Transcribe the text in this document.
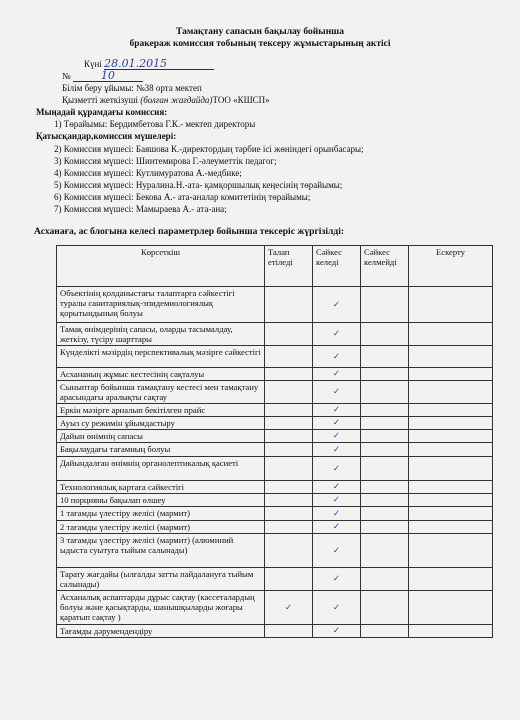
Тамақтану сапасын бақылау бойынша
бракераж комиссия тобының тексеру жұмыстарының актісі
Күні 28.01.2015
№	10
Білім беру ұйымы: №38 орта мектеп
Қызметті жеткізуші (болған жағдайда)ТОО «КШСП»
Мыңадай құрамдағы комиссия:
1) Төрайымы: Бердимбетова Г.К.- мектеп директоры
Қатысқандар,комиссия мүшелері:
2) Комиссия мүшесі: Баяшова К.-директордың тәрбие ісі жөніндегі орынбасары;
3) Комиссия мүшесі: Шинтемирова Г.-әлеуметтік педагог;
4) Комиссия мүшесі: Кутлимуратова А.-медбике;
5) Комиссия мүшесі: Нуралина.Н.-ата- қамқоршылық кеңесінің төрайымы;
6) Комиссия мүшесі: Бекова А.- ата-аналар комитетінің төрайымы;
7) Комиссия мүшесі: Мамыраева А.- ата-ана;
Асханаға, ас блогына келесі параметрлер бойынша тексеріс жүргізілді:
Көрсеткіш	Талап етіледі	Сәйкес келеді	Сәйкес келмейді	Ескерту
Объектінің қолданыстағы талаптарға сәйкестігі туралы санитариялық-эпидемиологиялық қорытындының болуы		✓		
Тамақ өнімдерінің сапасы, оларды тасымалдау, жеткізу, түсіру шарттары		✓		
Күнделікті мәзірдің перспективалық мәзірге сәйкестігі		✓		
Асхананың жұмыс кестесінің сақталуы		✓		
Сыныптар бойынша тамақтану кестесі мен тамақтану арасындағы аралықты сақтау		✓		
Еркін мәзірге арналып бекітілген прайс		✓		
Ауыз су режимін ұйымдастыру		✓		
Дайын өнімнің сапасы		✓		
Бақылаудағы тағамның болуы		✓		
Дайындалған өнімнің органолептикалық қасиеті		✓		
Технологиялық картаға сәйкестігі		✓		
10 порцияны бақылап өлшеу		✓		
1 тағамды үлестіру желісі (мармит)		✓		
2 тағамды үлестіру желісі (мармит)		✓		
3 тағамды үлестіру желісі (мармит) (алюминий ыдыста суытуға тыйым салынады)		✓		
Тарату жағдайы (ылғалды затты пайдалануға тыйым салынады)		✓		
Асханалық аспаптарды дұрыс сақтау (кассеталардың болуы және қасықтарды, шанышқыларды жоғары қаратып сақтау )	✓	✓		
Тағамды дәрумендендіру		✓		
